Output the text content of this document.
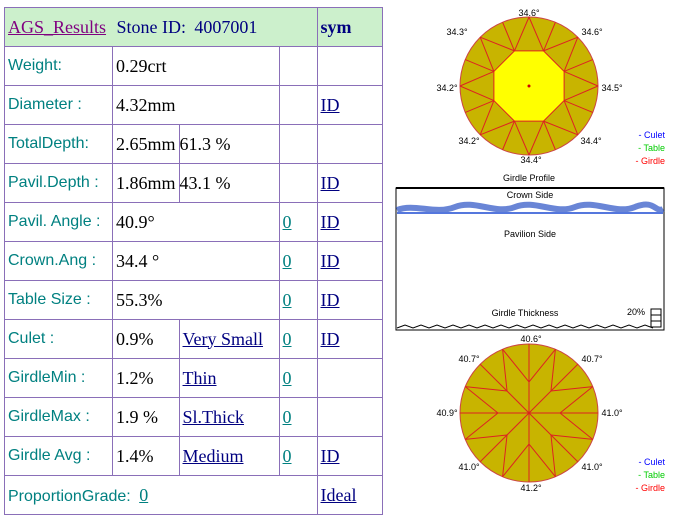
AGS_Results Stone ID: 4007001				sym
Weight:	0.29crt			
Diameter :	4.32mm			ID
TotalDepth:	2.65mm	61.3 %		
Pavil.Depth :	1.86mm	43.1 %		ID
Pavil. Angle :	40.9°		0	ID
Crown.Ang :	34.4 °		0	ID
Table Size :	55.3%		0	ID
Culet :	0.9%	Very Small	0	ID
GirdleMin :	1.2%	Thin	0	
GirdleMax :	1.9 %	Sl.Thick	0	
Girdle Avg :	1.4%	Medium	0	ID
ProportionGrade: 0				Ideal
34.6°
34.3°	34.6°
34.2°	34.5°
34.2°	34.4°
34.4°
- Culet
- Table
- Girdle
Girdle Profile
Crown Side
Pavilion Side
Girdle Thickness	20%
40.6°
40.7°	40.7°
40.9°	41.0°
41.0°	41.0°
41.2°
- Culet
- Table
- Girdle
